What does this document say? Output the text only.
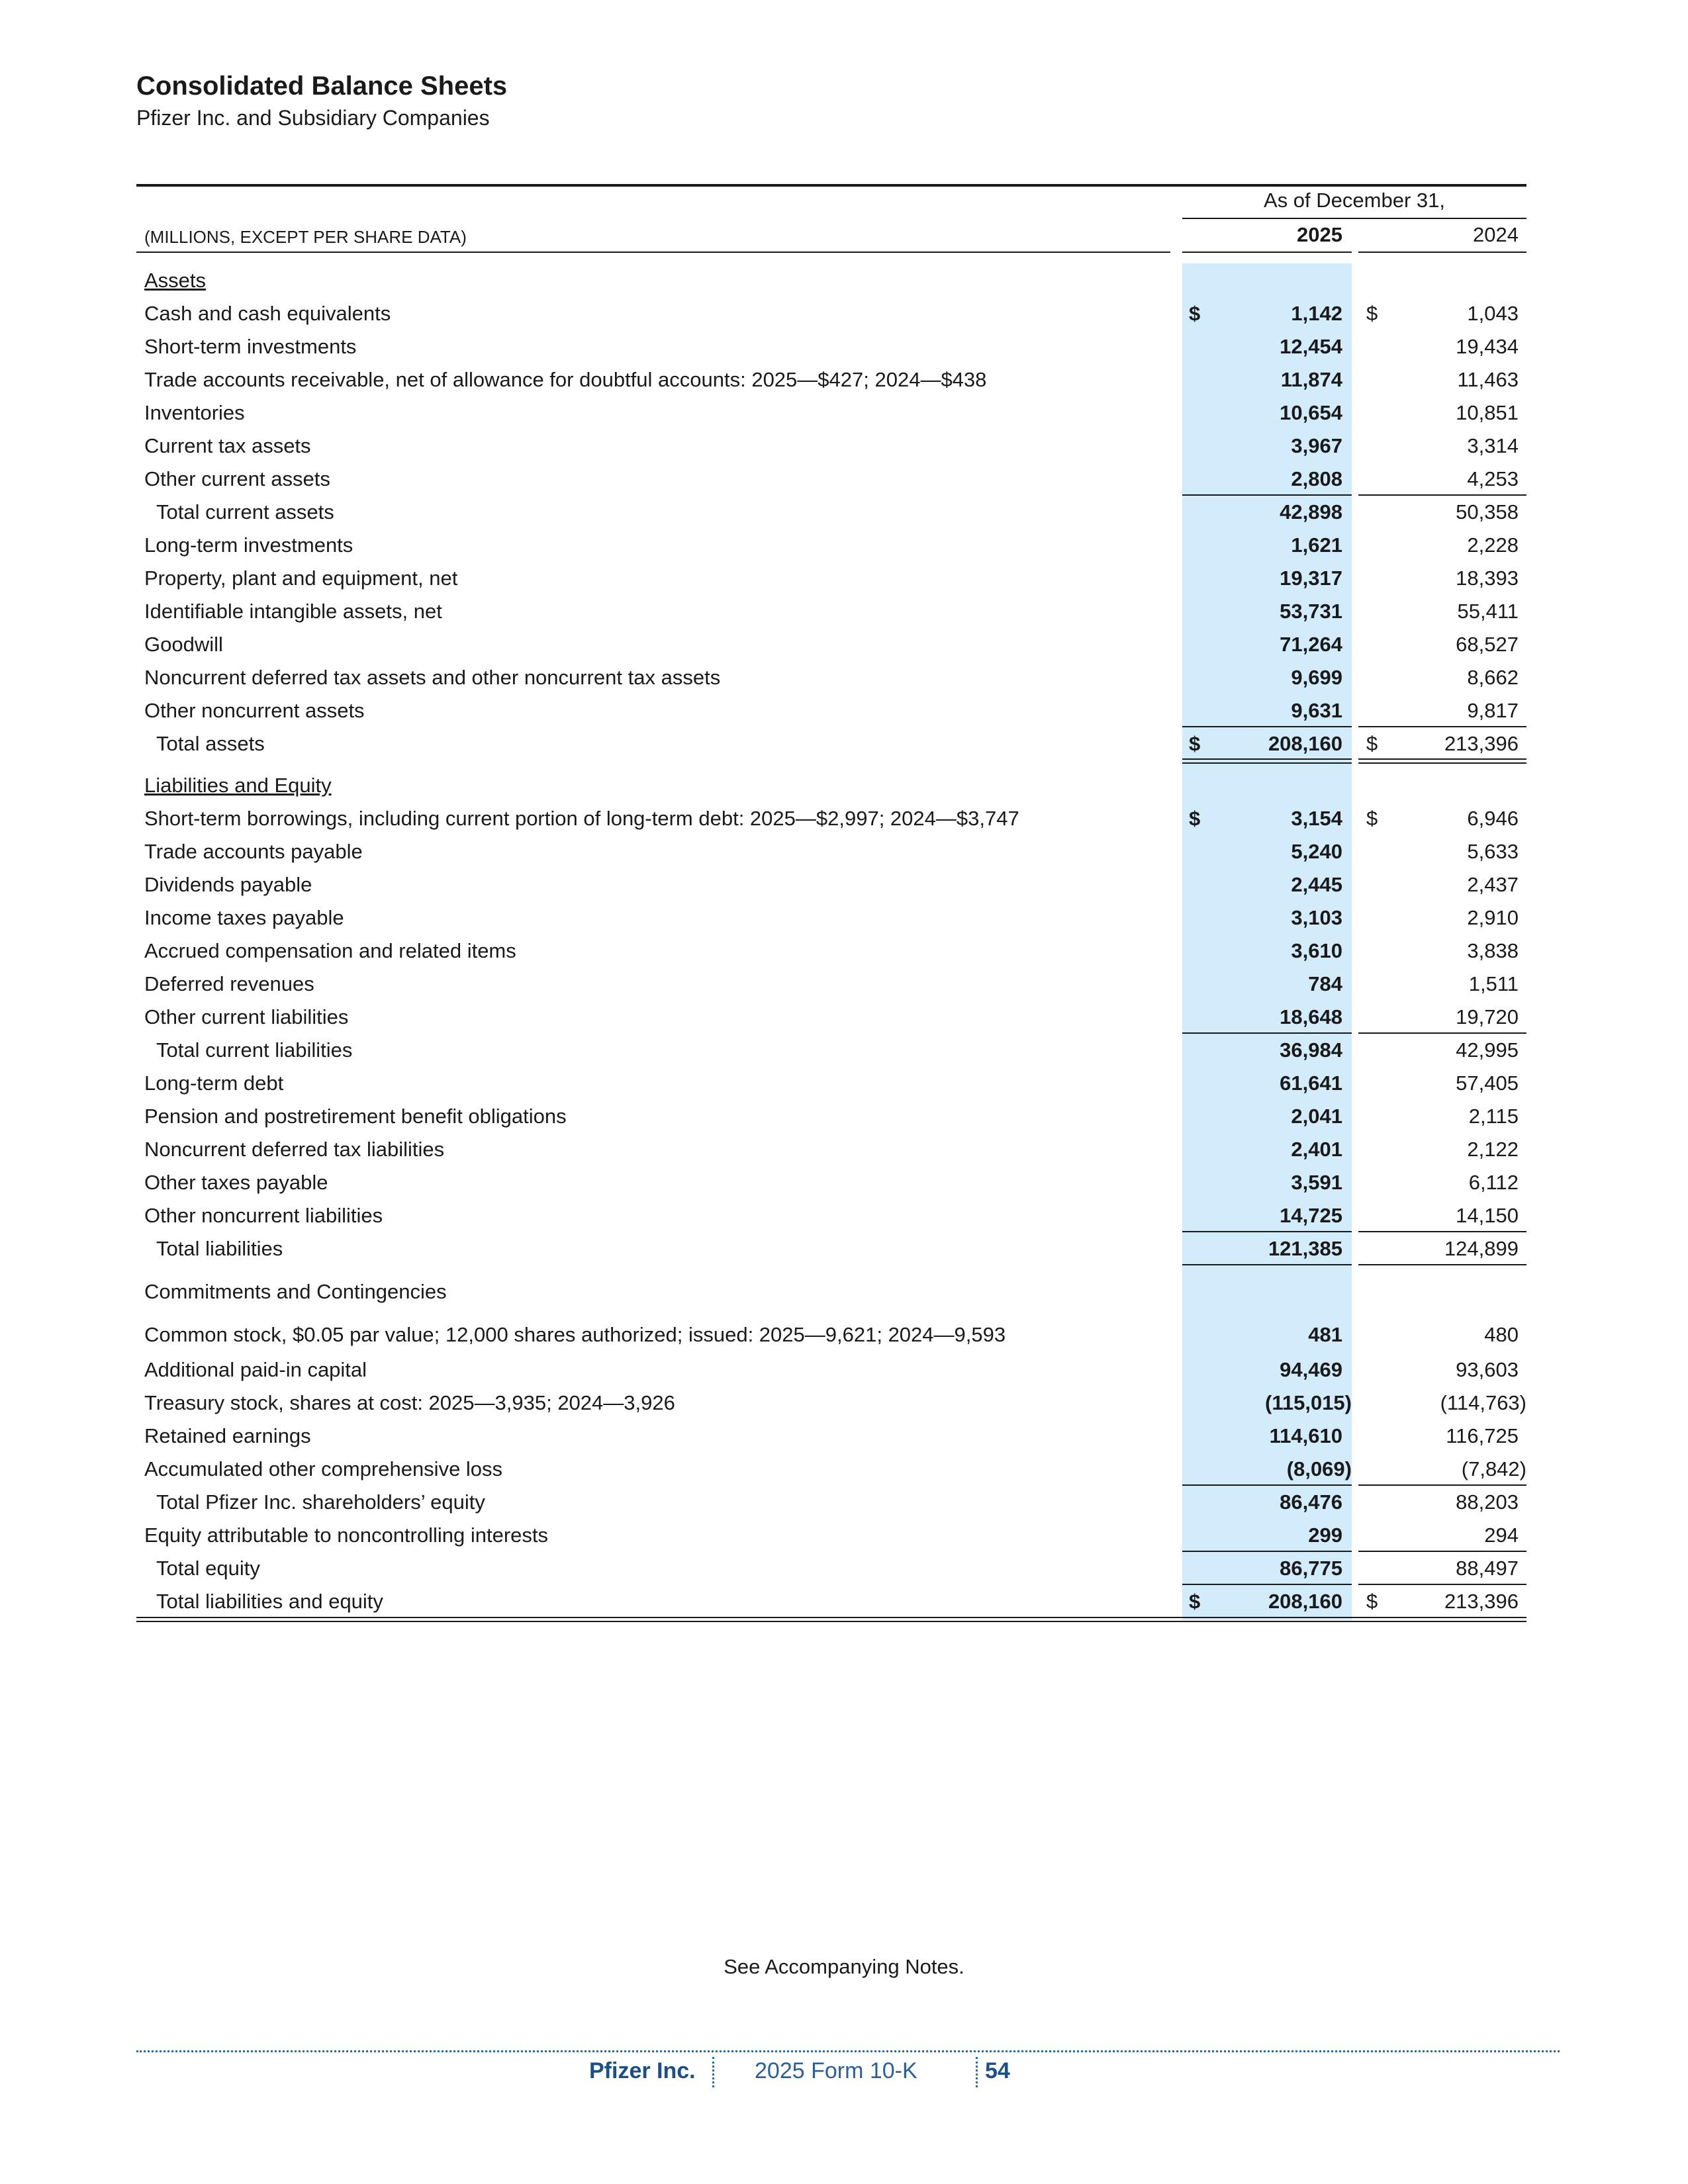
Consolidated Balance Sheets
Pfizer Inc. and Subsidiary Companies
As of December 31,
(MILLIONS, EXCEPT PER SHARE DATA)	2025	2024
Assets
Cash and cash equivalents	$	1,142 $	1,043
Short-term investments	12,454	19,434
Trade accounts receivable, net of allowance for doubtful accounts: 2025—$427; 2024—$438	11,874	11,463
Inventories	10,654	10,851
Current tax assets	3,967	3,314
Other current assets	2,808	4,253
Total current assets	42,898	50,358
Long-term investments	1,621	2,228
Property, plant and equipment, net	19,317	18,393
Identifiable intangible assets, net	53,731	55,411
Goodwill	71,264	68,527
Noncurrent deferred tax assets and other noncurrent tax assets	9,699	8,662
Other noncurrent assets	9,631	9,817
Total assets	$	208,160 $	213,396
Liabilities and Equity
Short-term borrowings, including current portion of long-term debt: 2025—$2,997; 2024—$3,747	$	3,154 $	6,946
Trade accounts payable	5,240	5,633
Dividends payable	2,445	2,437
Income taxes payable	3,103	2,910
Accrued compensation and related items	3,610	3,838
Deferred revenues	784	1,511
Other current liabilities	18,648	19,720
Total current liabilities	36,984	42,995
Long-term debt	61,641	57,405
Pension and postretirement benefit obligations	2,041	2,115
Noncurrent deferred tax liabilities	2,401	2,122
Other taxes payable	3,591	6,112
Other noncurrent liabilities	14,725	14,150
Total liabilities	121,385	124,899
Commitments and Contingencies
Common stock, $0.05 par value; 12,000 shares authorized; issued: 2025—9,621; 2024—9,593	481	480
Additional paid-in capital	94,469	93,603
Treasury stock, shares at cost: 2025—3,935; 2024—3,926	(115,015)	(114,763)
Retained earnings	114,610	116,725
Accumulated other comprehensive loss	(8,069)	(7,842)
Total Pfizer Inc. shareholders’ equity	86,476	88,203
Equity attributable to noncontrolling interests	299	294
Total equity	86,775	88,497
Total liabilities and equity	$	208,160 $	213,396
See Accompanying Notes.
Pfizer Inc.	2025 Form 10-K	54
